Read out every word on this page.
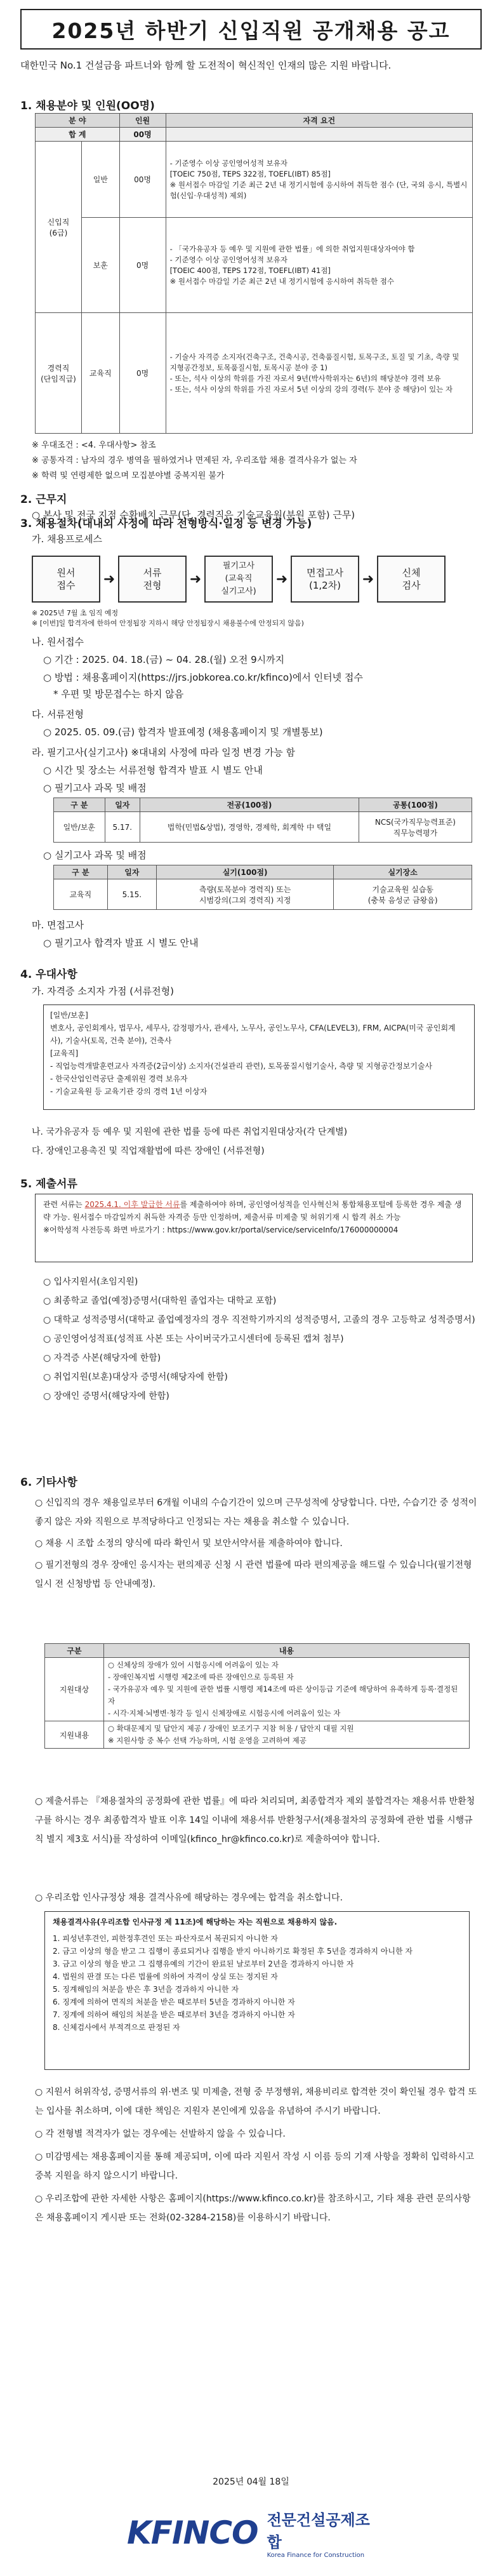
2025년 하반기 신입직원 공개채용 공고
대한민국 No.1 건설금융 파트너와 함께 할 도전적이 혁신적인 인재의 많은 지원 바랍니다.
1. 채용분야 및 인원(OO명)
분 야		인원	자격 요건
합 계		00명	
신입직
(6급)	일반	00명	- 기준영수 이상 공인영어성적 보유자
[TOEIC 750점, TEPS 322점, TOEFL(IBT) 85점]
※ 원서접수 마감일 기준 최근 2년 내 정기시험에 응시하여 취득한 점수 (단, 국외 응시, 특별시험(신입·우대성적) 제외)
	보훈	0명	- 「국가유공자 등 예우 및 지원에 관한 법률」에 의한 취업지원대상자여야 함
- 기준영수 이상 공인영어성적 보유자
[TOEIC 400점, TEPS 172점, TOEFL(IBT) 41점]
※ 원서접수 마감일 기준 최근 2년 내 정기시험에 응시하여 취득한 점수
경력직
(단임직급)	교육직	0명	- 기술사 자격증 소지자(건축구조, 건축시공, 건축품질시험, 토목구조, 토질 및 기초, 측량 및 지형공간정보, 토목품질시험, 토목시공 분야 중 1)
- 또는, 석사 이상의 학위를 가진 자로서 9년(박사학위자는 6년)의 해당분야 경력 보유
- 또는, 석사 이상의 학위를 가진 자로서 5년 이상의 강의 경력(두 분야 중 해당)이 있는 자
※ 우대조건 : <4. 우대사항> 참조
※ 공통자격 : 남자의 경우 병역을 필하였거나 면제된 자, 우리조합 채용 결격사유가 없는 자
※ 학력 및 연령제한 없으며 모집분야별 중복지원 불가
2. 근무지
○ 본사 및 전국 지점 순환배치 근무(단, 경력직은 기술교육원(분원 포함) 근무)
3. 채용절차(대내외 사정에 따라 전형방식·일정 등 변경 가능)
가. 채용프로세스
원서
접수	➜	서류
전형	➜
필기고사
(교육직
실기고사)
➜	면접고사
(1,2차)	➜	신체
검사
※ 2025년 7월 초 임직 예정
※ [이번]일 합격자에 한하여 안정됩장 지하시 해당 안정됩장시 채용불수에 안정되지 않음)
나. 원서접수
○ 기간 : 2025. 04. 18.(금) ~ 04. 28.(월) 오전 9시까지
○ 방법 : 채용홈페이지(https://jrs.jobkorea.co.kr/kfinco)에서 인터넷 접수
* 우편 및 방문접수는 하지 않음
다. 서류전형
○ 2025. 05. 09.(금) 합격자 발표예정 (채용홈페이지 및 개별통보)
라. 필기고사(실기고사) ※대내외 사정에 따라 일정 변경 가능 함
○ 시간 및 장소는 서류전형 합격자 발표 시 별도 안내
○ 필기고사 과목 및 배점
구 분	일자	전공(100점)	공통(100점)
일반/보훈	5.17.	법학(민법&상법), 경영학, 경제학, 회계학 中 택일	NCS(국가직무능력표준)
직무능력평가
○ 실기고사 과목 및 배점
구 분	일자	실기(100점)	실기장소
교육직	5.15.	측량(토목분야 경력직) 또는
시범강의(그외 경력직) 지정	기술교육원 실습동
(충북 음성군 금왕읍)
마. 면접고사
○ 필기고사 합격자 발표 시 별도 안내
4. 우대사항
가. 자격증 소지자 가점 (서류전형)
[일반/보훈]
변호사, 공인회계사, 법무사, 세무사, 감정평가사, 관세사, 노무사, 공인노무사, CFA(LEVEL3), FRM, AICPA(미국 공인회계사), 기술사(토목, 건축 분야), 건축사
[교육직]
- 직업능력개발훈련교사 자격증(2급이상) 소지자(건설관리 관련), 토목품질시험기술사, 측량 및 지형공간정보기술사
- 한국산업인력공단 출제위원 경력 보유자
- 기술교육원 등 교육기관 강의 경력 1년 이상자
나. 국가유공자 등 예우 및 지원에 관한 법률 등에 따른 취업지원대상자(각 단계별)
다. 장애인고용촉진 및 직업재활법에 따른 장애인 (서류전형)
5. 제출서류
관련 서류는 2025.4.1. 이후 발급한 서류를 제출하여야 하며, 공인영어성적을 인사혁신처 통합채용포털에 등록한 경우 제출 생략 가능. 원서접수 마감일까지 취득한 자격증 등만 인정하며, 제출서류 미제출 및 허위기재 시 합격 취소 가능
※어학성적 사전등록 화면 바로가기 : https://www.gov.kr/portal/service/serviceInfo/176000000004
○ 입사지원서(초임지원)
○ 최종학교 졸업(예정)증명서(대학원 졸업자는 대학교 포함)
○ 대학교 성적증명서(대학교 졸업예정자의 경우 직전학기까지의 성적증명서, 고졸의 경우 고등학교 성적증명서)
○ 공인영어성적표(성적표 사본 또는 사이버국가고시센터에 등록된 캡쳐 첨부)
○ 자격증 사본(해당자에 한함)
○ 취업지원(보훈)대상자 증명서(해당자에 한함)
○ 장애인 증명서(해당자에 한함)
6. 기타사항
○ 신입직의 경우 채용일로부터 6개월 이내의 수습기간이 있으며 근무성적에 상당합니다. 다만, 수습기간 중 성적이 좋지 않은 자와 직원으로 부적당하다고 인정되는 자는 채용을 취소할 수 있습니다.
○ 채용 시 조합 소정의 양식에 따라 확인서 및 보안서약서를 제출하여야 합니다.
○ 필기전형의 경우 장애인 응시자는 편의제공 신청 시 관련 법률에 따라 편의제공을 해드릴 수 있습니다(필기전형 일시 전 신청방법 등 안내예정).
구분	내용
지원대상	○ 신체상의 장애가 있어 시험응시에 어려움이 있는 자
- 장애인복지법 시행령 제2조에 따른 장애인으로 등록된 자
- 국가유공자 예우 및 지원에 관한 법률 시행령 제14조에 따른 상이등급 기준에 해당하여 유족하게 등록·결정된 자
- 시각·지체·뇌병변·청각 등 일시 신체장애로 시험응시에 어려움이 있는 자
지원내용	○ 확대문제지 및 답안지 제공 / 장애인 보조기구 지참 허용 / 답안지 대필 지원
※ 지원사항 중 복수 선택 가능하며, 시험 운영을 고려하여 제공
○ 제출서류는 『채용절차의 공정화에 관한 법률』에 따라 처리되며, 최종합격자 제외 불합격자는 채용서류 반환청구를 하시는 경우 최종합격자 발표 이후 14일 이내에 채용서류 반환청구서(채용절차의 공정화에 관한 법률 시행규칙 별지 제3호 서식)를 작성하여 이메일(kfinco_hr@kfinco.co.kr)로 제출하여야 합니다.
○ 우리조합 인사규정상 채용 결격사유에 해당하는 경우에는 합격을 취소합니다.
채용결격사유(우리조합 인사규정 제 11조)에 해당하는 자는 직원으로 채용하지 않음.
1. 피성년후견인, 피한정후견인 또는 파산자로서 복권되지 아니한 자
2. 금고 이상의 형을 받고 그 집행이 종료되거나 집행을 받지 아니하기로 확정된 후 5년을 경과하지 아니한 자
3. 금고 이상의 형을 받고 그 집행유예의 기간이 완료된 날로부터 2년을 경과하지 아니한 자
4. 법원의 판결 또는 다른 법률에 의하여 자격이 상실 또는 정지된 자
5. 징계해임의 처분을 받은 후 3년을 경과하지 아니한 자
6. 징계에 의하여 면직의 처분을 받은 때로부터 5년을 경과하지 아니한 자
7. 징계에 의하여 해임의 처분을 받은 때로부터 3년을 경과하지 아니한 자
8. 신체검사에서 부적격으로 판정된 자
○ 지원서 허위작성, 증명서류의 위·변조 및 미제출, 전형 중 부정행위, 채용비리로 합격한 것이 확인될 경우 합격 또는 입사를 취소하며, 이에 대한 책임은 지원자 본인에게 있음을 유념하여 주시기 바랍니다.
○ 각 전형별 적격자가 없는 경우에는 선발하지 않을 수 있습니다.
○ 미감명세는 채용홈페이지를 통해 제공되며, 이에 따라 지원서 작성 시 이름 등의 기재 사항을 정확히 입력하시고 중복 지원을 하지 않으시기 바랍니다.
○ 우리조합에 관한 자세한 사항은 홈페이지(https://www.kfinco.co.kr)를 참조하시고, 기타 채용 관련 문의사항은 채용홈페이지 게시판 또는 전화(02-3284-2158)를 이용하시기 바랍니다.
2025년 04월 18일
KFINCO 전문건설공제조합
Korea Finance for Construction
